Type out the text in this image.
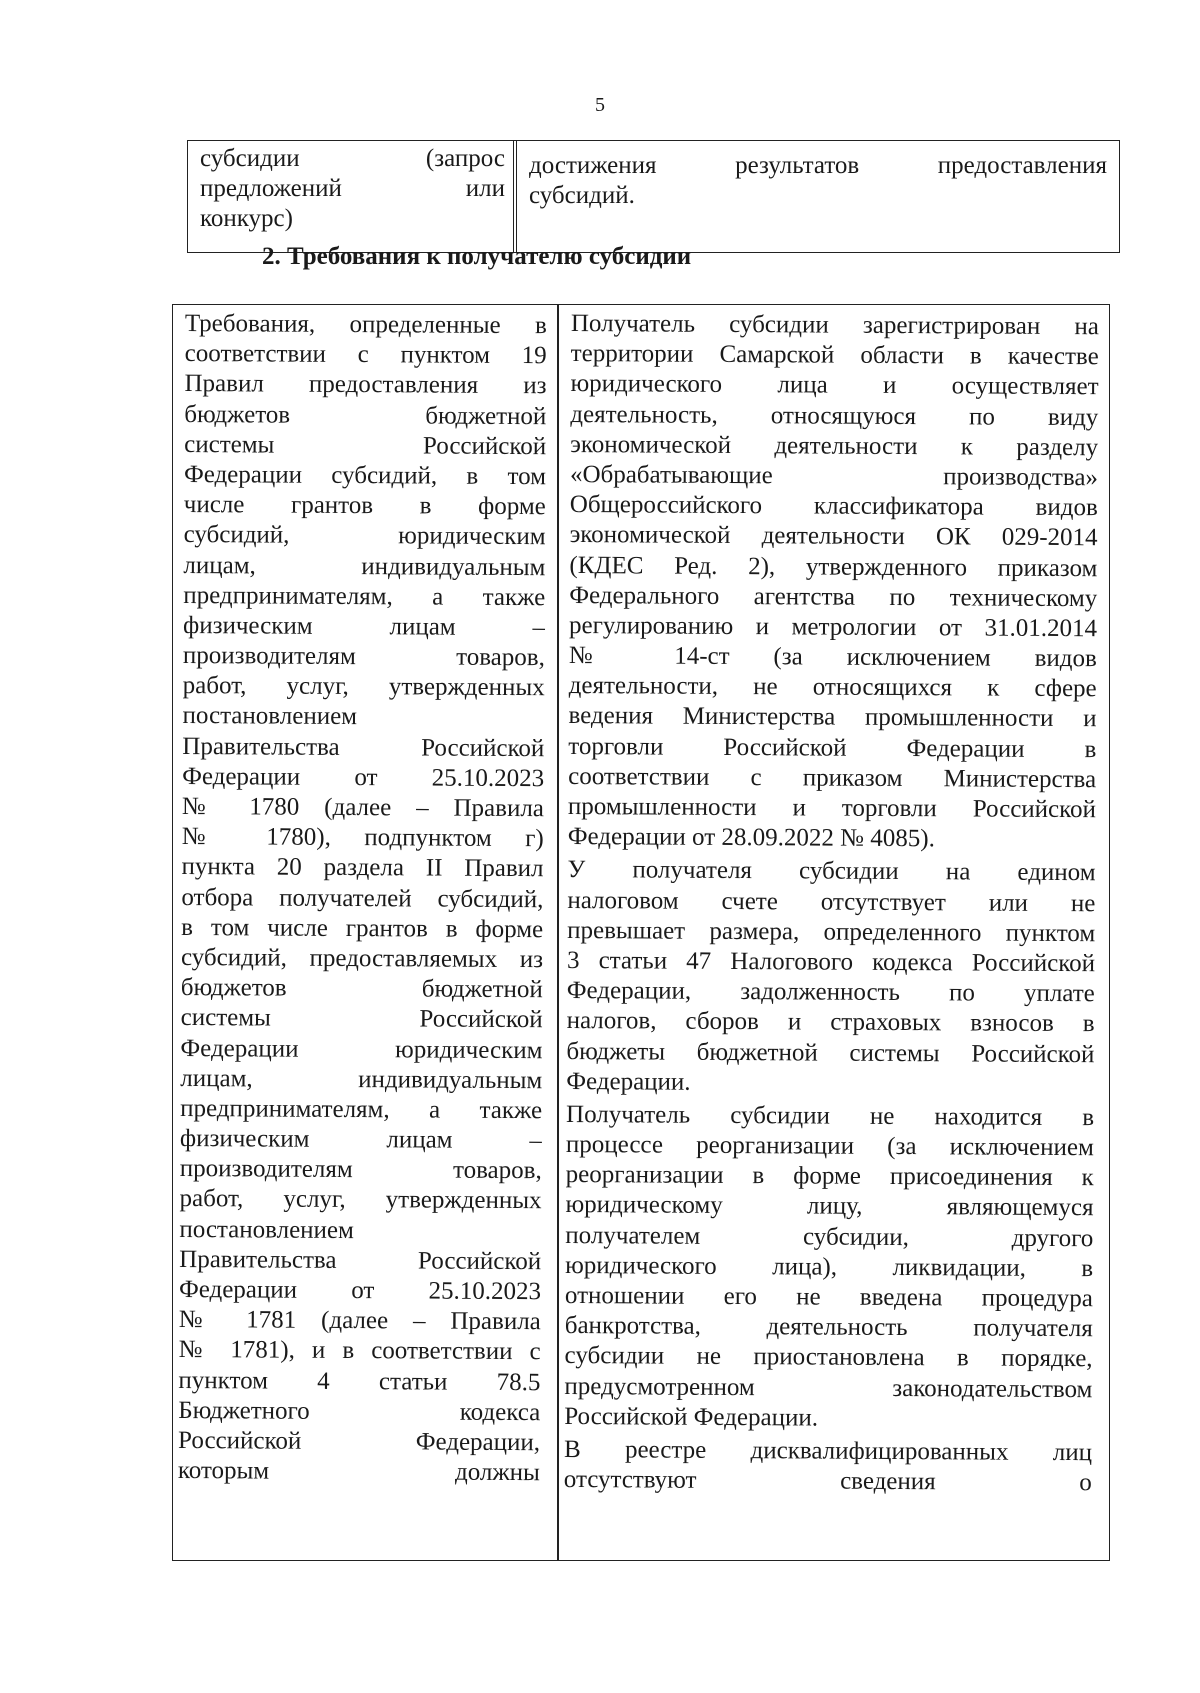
5
субсидии (запрос
предложений или
конкурс)
достижения результатов предоставления
субсидий.
2. Требования к получателю субсидии
Требования, определенные в
соответствии с пунктом 19
Правил предоставления из
бюджетов бюджетной
системы Российской
Федерации субсидий, в том
числе грантов в форме
субсидий, юридическим
лицам, индивидуальным
предпринимателям, а также
физическим лицам –
производителям товаров,
работ, услуг, утвержденных
постановлением
Правительства Российской
Федерации от 25.10.2023
№ 1780 (далее – Правила
№ 1780), подпунктом г)
пункта 20 раздела II Правил
отбора получателей субсидий,
в том числе грантов в форме
субсидий, предоставляемых из
бюджетов бюджетной
системы Российской
Федерации юридическим
лицам, индивидуальным
предпринимателям, а также
физическим лицам –
производителям товаров,
работ, услуг, утвержденных
постановлением
Правительства Российской
Федерации от 25.10.2023
№ 1781 (далее – Правила
№ 1781), и в соответствии с
пунктом 4 статьи 78.5
Бюджетного кодекса
Российской Федерации,
которым должны
Получатель субсидии зарегистрирован на
территории Самарской области в качестве
юридического лица и осуществляет
деятельность, относящуюся по виду
экономической деятельности к разделу
«Обрабатывающие производства»
Общероссийского классификатора видов
экономической деятельности ОК 029-2014
(КДЕС Ред. 2), утвержденного приказом
Федерального агентства по техническому
регулированию и метрологии от 31.01.2014
№ 14-ст (за исключением видов
деятельности, не относящихся к сфере
ведения Министерства промышленности и
торговли Российской Федерации в
соответствии с приказом Министерства
промышленности и торговли Российской
Федерации от 28.09.2022 № 4085).
У получателя субсидии на едином
налоговом счете отсутствует или не
превышает размера, определенного пунктом
3 статьи 47 Налогового кодекса Российской
Федерации, задолженность по уплате
налогов, сборов и страховых взносов в
бюджеты бюджетной системы Российской
Федерации.
Получатель субсидии не находится в
процессе реорганизации (за исключением
реорганизации в форме присоединения к
юридическому лицу, являющемуся
получателем субсидии, другого
юридического лица), ликвидации, в
отношении его не введена процедура
банкротства, деятельность получателя
субсидии не приостановлена в порядке,
предусмотренном законодательством
Российской Федерации.
В реестре дисквалифицированных лиц
отсутствуют сведения о
